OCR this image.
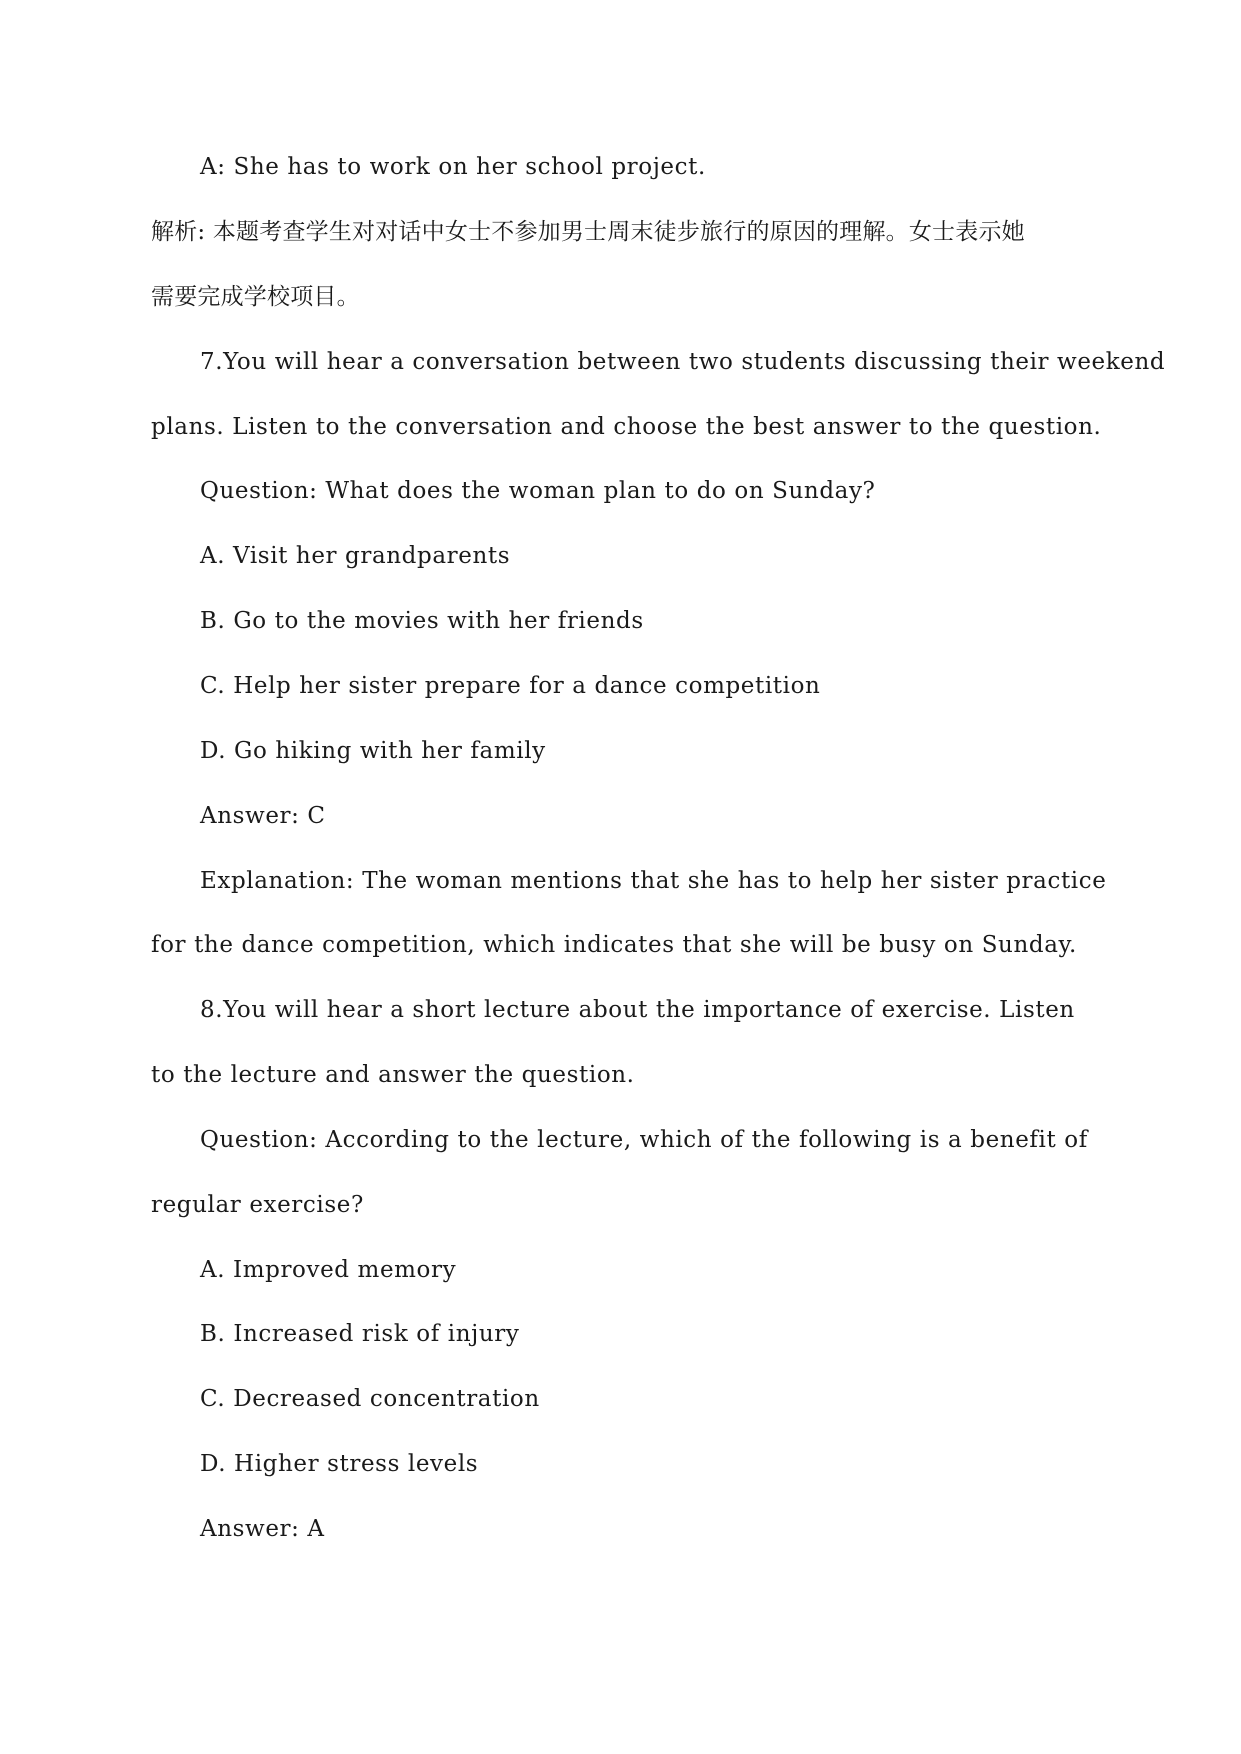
A: She has to work on her school project.
解析: 本题考查学生对对话中女士不参加男士周末徒步旅行的原因的理解。女士表示她
需要完成学校项目。
7.You will hear a conversation between two students discussing their weekend
plans. Listen to the conversation and choose the best answer to the question.
Question: What does the woman plan to do on Sunday?
A. Visit her grandparents
B. Go to the movies with her friends
C. Help her sister prepare for a dance competition
D. Go hiking with her family
Answer: C
Explanation: The woman mentions that she has to help her sister practice
for the dance competition, which indicates that she will be busy on Sunday.
8.You will hear a short lecture about the importance of exercise. Listen
to the lecture and answer the question.
Question: According to the lecture, which of the following is a benefit of
regular exercise?
A. Improved memory
B. Increased risk of injury
C. Decreased concentration
D. Higher stress levels
Answer: A
